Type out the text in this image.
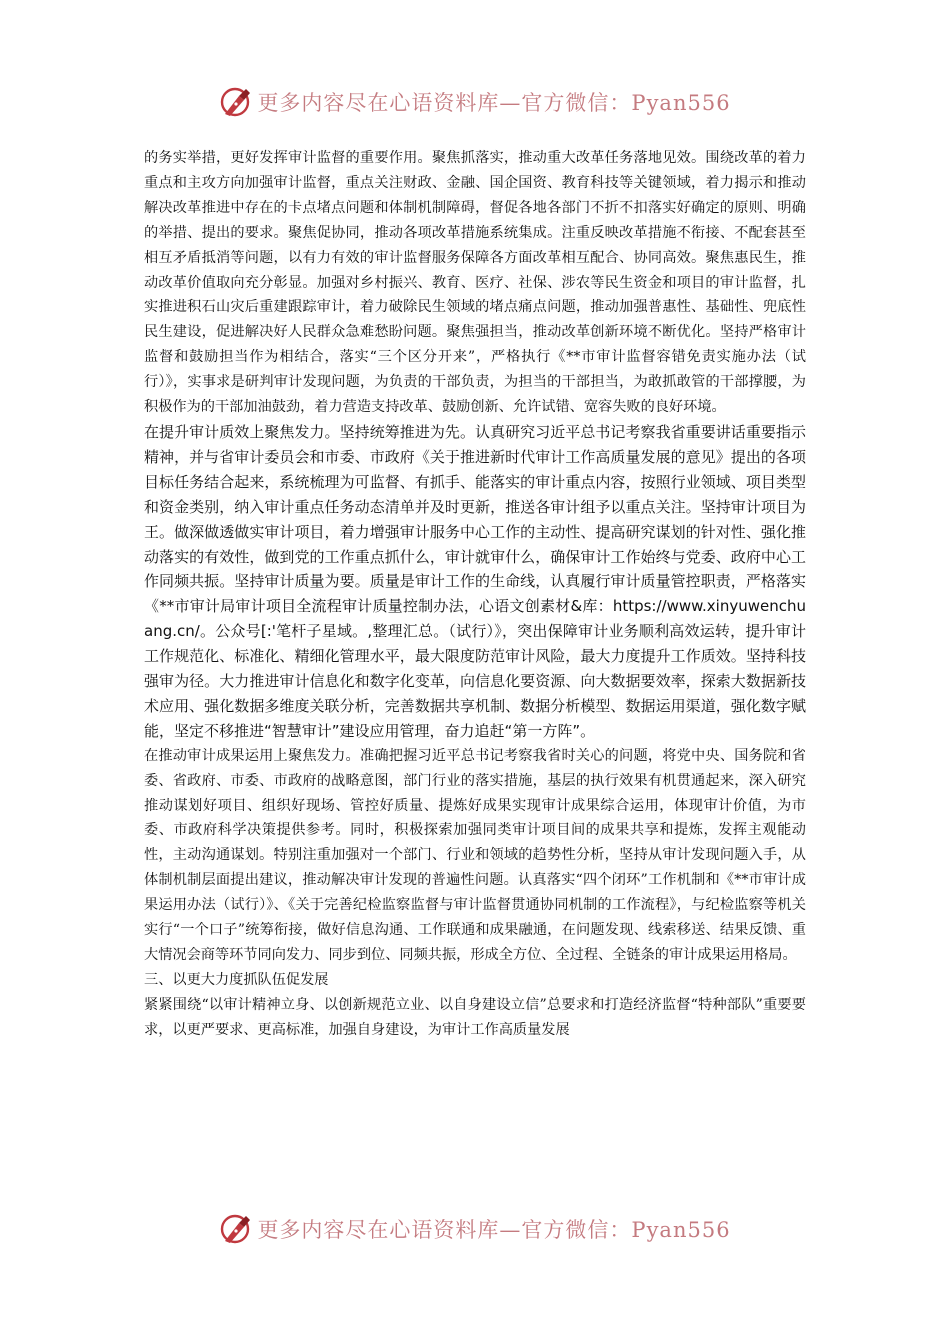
更多内容尽在心语资料库—官方微信：Pyan556

的务实举措，更好发挥审计监督的重要作用。聚焦抓落实，推动重大改革任务落地见效。围绕改革的着力重点和主攻方向加强审计监督，重点关注财政、金融、国企国资、教育科技等关键领域，着力揭示和推动解决改革推进中存在的卡点堵点问题和体制机制障碍，督促各地各部门不折不扣落实好确定的原则、明确的举措、提出的要求。聚焦促协同，推动各项改革措施系统集成。注重反映改革措施不衔接、不配套甚至相互矛盾抵消等问题，以有力有效的审计监督服务保障各方面改革相互配合、协同高效。聚焦惠民生，推动改革价值取向充分彰显。加强对乡村振兴、教育、医疗、社保、涉农等民生资金和项目的审计监督，扎实推进积石山灾后重建跟踪审计，着力破除民生领域的堵点痛点问题，推动加强普惠性、基础性、兜底性民生建设，促进解决好人民群众急难愁盼问题。聚焦强担当，推动改革创新环境不断优化。坚持严格审计监督和鼓励担当作为相结合，落实“三个区分开来”，严格执行《**市审计监督容错免责实施办法（试行）》，实事求是研判审计发现问题，为负责的干部负责，为担当的干部担当，为敢抓敢管的干部撑腰，为积极作为的干部加油鼓劲，着力营造支持改革、鼓励创新、允许试错、宽容失败的良好环境。

在提升审计质效上聚焦发力。坚持统筹推进为先。认真研究习近平总书记考察我省重要讲话重要指示精神，并与省审计委员会和市委、市政府《关于推进新时代审计工作高质量发展的意见》提出的各项目标任务结合起来，系统梳理为可监督、有抓手、能落实的审计重点内容，按照行业领域、项目类型和资金类别，纳入审计重点任务动态清单并及时更新，推送各审计组予以重点关注。坚持审计项目为王。做深做透做实审计项目，着力增强审计服务中心工作的主动性、提高研究谋划的针对性、强化推动落实的有效性，做到党的工作重点抓什么，审计就审什么，确保审计工作始终与党委、政府中心工作同频共振。坚持审计质量为要。质量是审计工作的生命线，认真履行审计质量管控职责，严格落实《**市审计局审计项目全流程审计质量控制办法，心语文创素材&库：https://www.xinyuwenchuang.cn/。公众号[:'笔杆子星域。,整理汇总。（试行）》，突出保障审计业务顺利高效运转，提升审计工作规范化、标准化、精细化管理水平，最大限度防范审计风险，最大力度提升工作质效。坚持科技强审为径。大力推进审计信息化和数字化变革，向信息化要资源、向大数据要效率，探索大数据新技术应用、强化数据多维度关联分析，完善数据共享机制、数据分析模型、数据运用渠道，强化数字赋能，坚定不移推进“智慧审计”建设应用管理，奋力追赶“第一方阵”。

在推动审计成果运用上聚焦发力。准确把握习近平总书记考察我省时关心的问题，将党中央、国务院和省委、省政府、市委、市政府的战略意图，部门行业的落实措施，基层的执行效果有机贯通起来，深入研究推动谋划好项目、组织好现场、管控好质量、提炼好成果实现审计成果综合运用，体现审计价值，为市委、市政府科学决策提供参考。同时，积极探索加强同类审计项目间的成果共享和提炼，发挥主观能动性，主动沟通谋划。特别注重加强对一个部门、行业和领域的趋势性分析，坚持从审计发现问题入手，从体制机制层面提出建议，推动解决审计发现的普遍性问题。认真落实“四个闭环”工作机制和《**市审计成果运用办法（试行）》、《关于完善纪检监察监督与审计监督贯通协同机制的工作流程》，与纪检监察等机关实行“一个口子”统筹衔接，做好信息沟通、工作联通和成果融通，在问题发现、线索移送、结果反馈、重大情况会商等环节同向发力、同步到位、同频共振，形成全方位、全过程、全链条的审计成果运用格局。

三、以更大力度抓队伍促发展

紧紧围绕“以审计精神立身、以创新规范立业、以自身建设立信”总要求和打造经济监督“特种部队”重要要求，以更严要求、更高标准，加强自身建设，为审计工作高质量发展

更多内容尽在心语资料库—官方微信：Pyan556
